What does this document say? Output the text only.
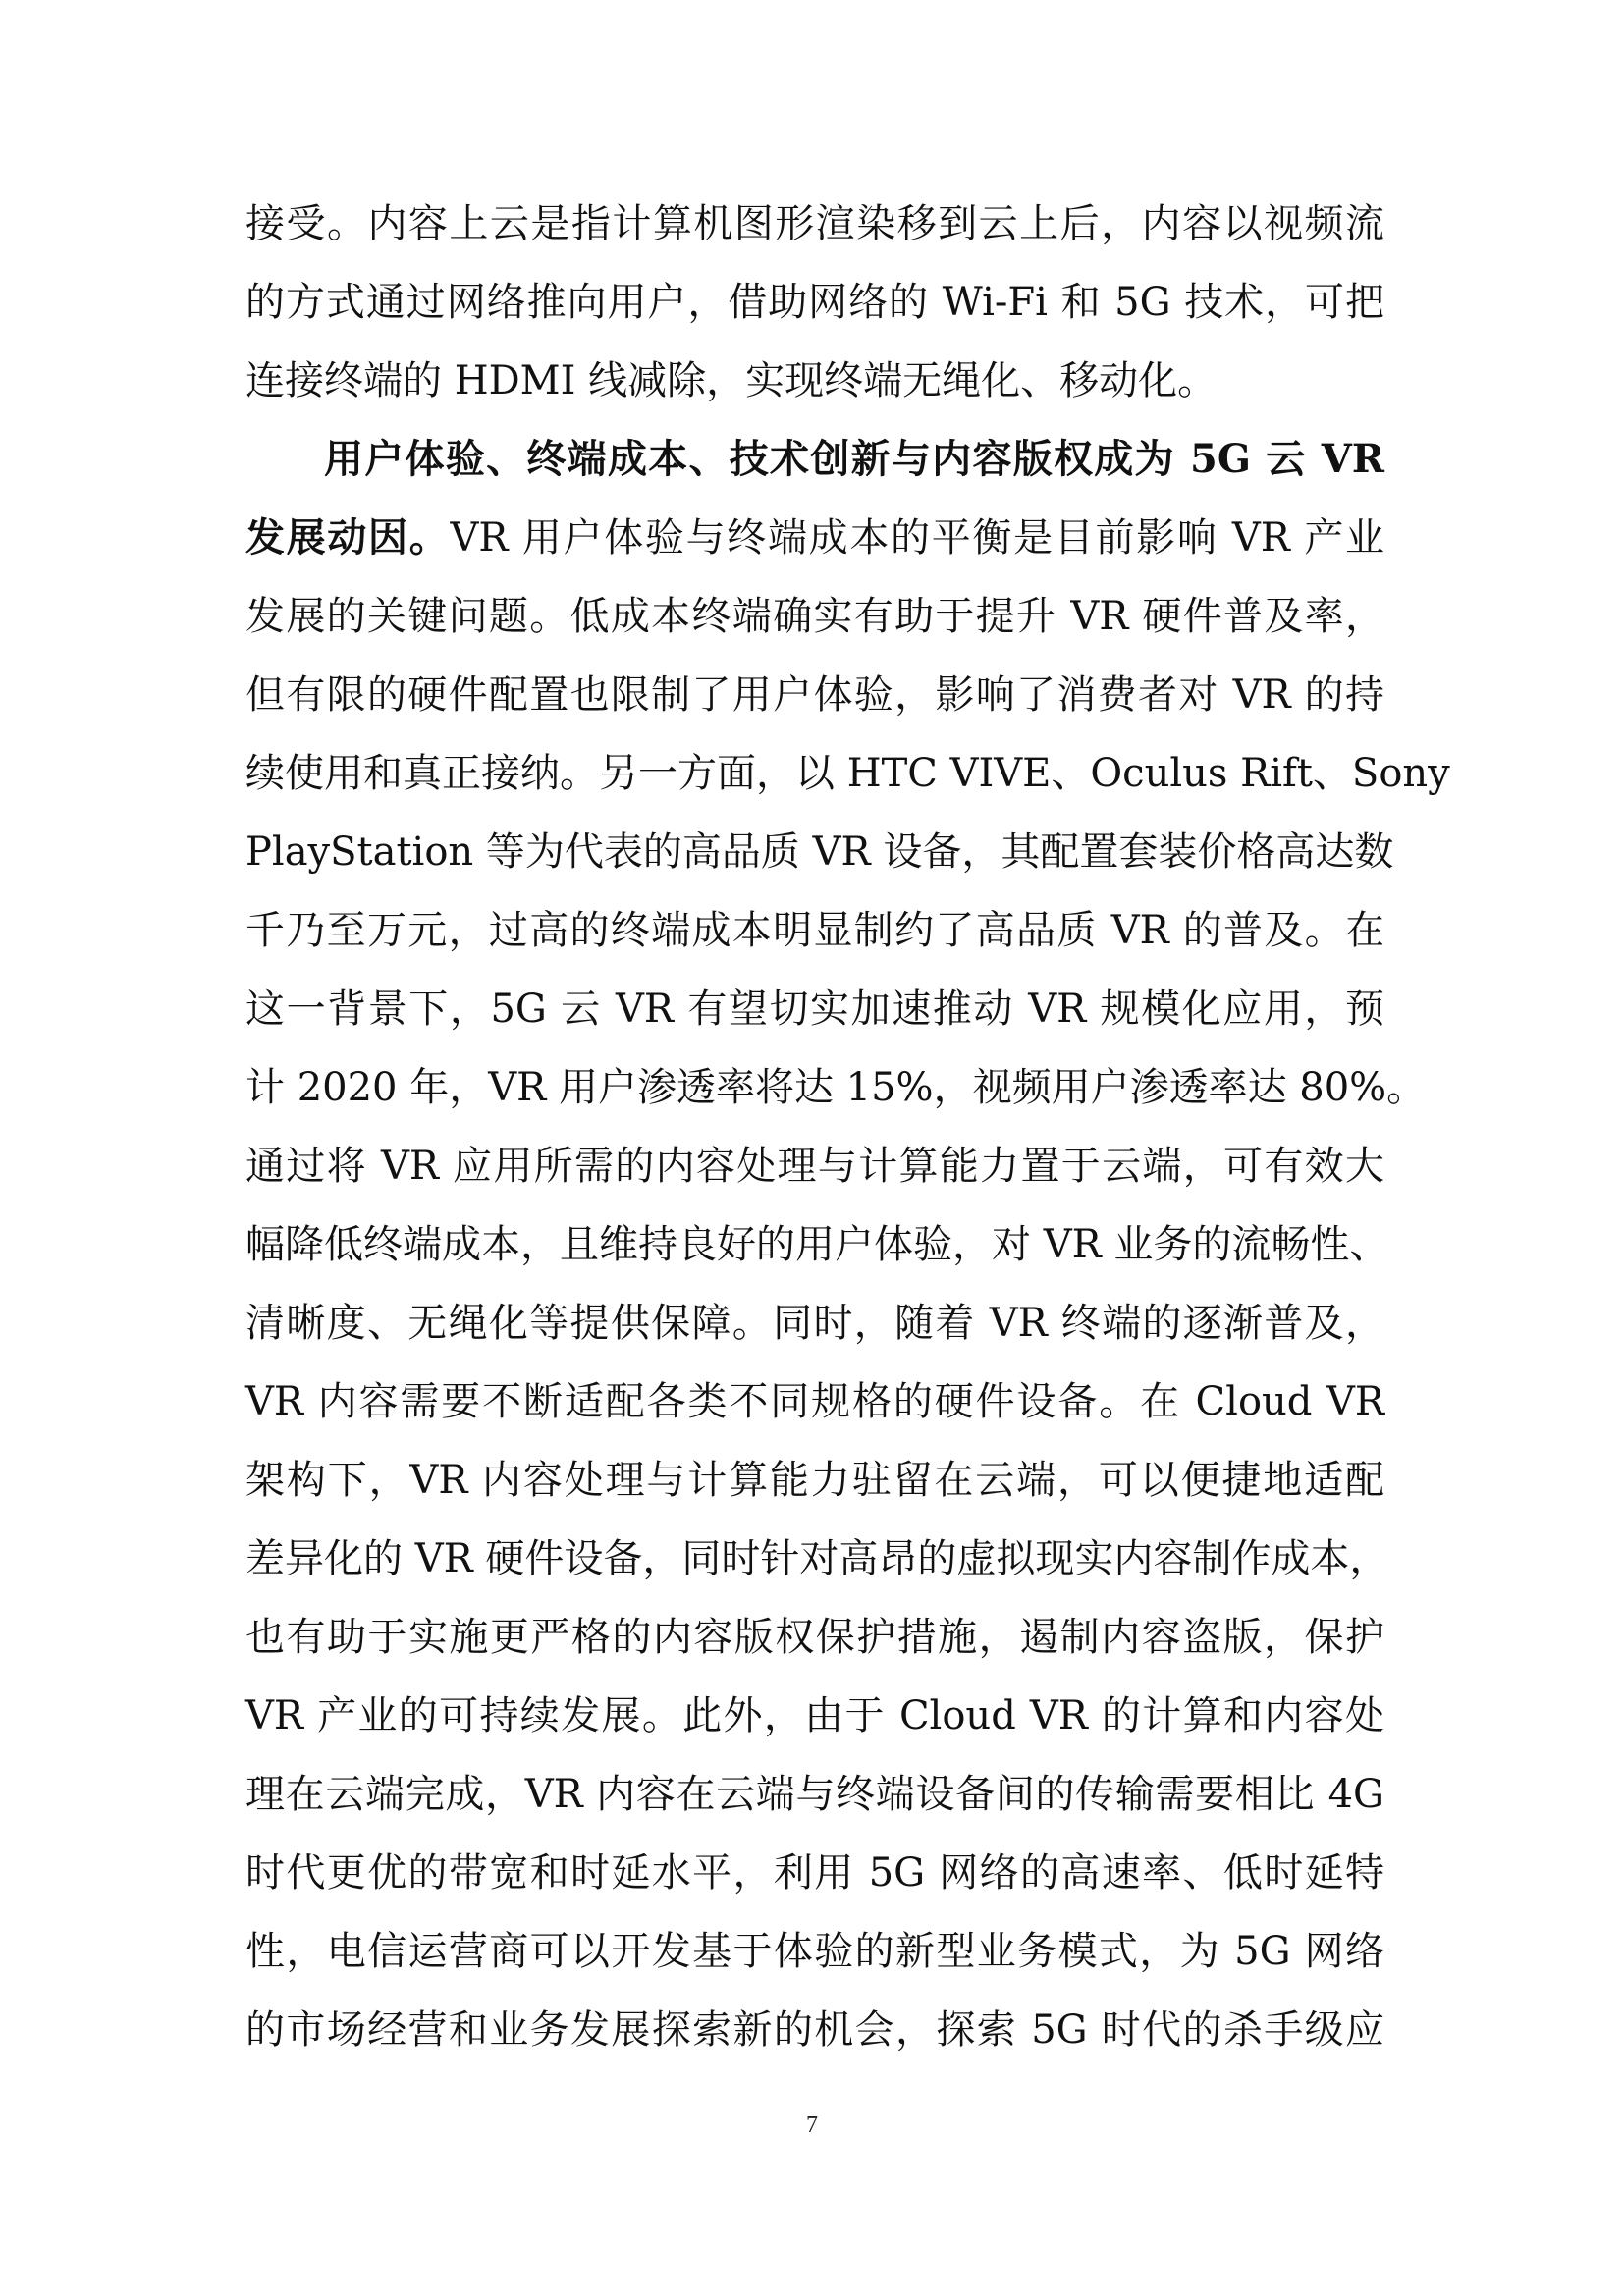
接受。内容上云是指计算机图形渲染移到云上后，内容以视频流
的方式通过网络推向用户，借助网络的 Wi-Fi 和 5G 技术，可把
连接终端的 HDMI 线减除，实现终端无绳化、移动化。
用户体验、终端成本、技术创新与内容版权成为 5G 云 VR
发展动因。VR 用户体验与终端成本的平衡是目前影响 VR 产业
发展的关键问题。低成本终端确实有助于提升 VR 硬件普及率，
但有限的硬件配置也限制了用户体验，影响了消费者对 VR 的持
续使用和真正接纳。另一方面，以 HTC VIVE、Oculus Rift、Sony
PlayStation 等为代表的高品质 VR 设备，其配置套装价格高达数
千乃至万元，过高的终端成本明显制约了高品质 VR 的普及。在
这一背景下，5G 云 VR 有望切实加速推动 VR 规模化应用，预
计 2020 年，VR 用户渗透率将达 15%，视频用户渗透率达 80%。
通过将 VR 应用所需的内容处理与计算能力置于云端，可有效大
幅降低终端成本，且维持良好的用户体验，对 VR 业务的流畅性、
清晰度、无绳化等提供保障。同时，随着 VR 终端的逐渐普及，
VR 内容需要不断适配各类不同规格的硬件设备。在 Cloud VR
架构下，VR 内容处理与计算能力驻留在云端，可以便捷地适配
差异化的 VR 硬件设备，同时针对高昂的虚拟现实内容制作成本，
也有助于实施更严格的内容版权保护措施，遏制内容盗版，保护
VR 产业的可持续发展。此外，由于 Cloud VR 的计算和内容处
理在云端完成，VR 内容在云端与终端设备间的传输需要相比 4G
时代更优的带宽和时延水平，利用 5G 网络的高速率、低时延特
性，电信运营商可以开发基于体验的新型业务模式，为 5G 网络
的市场经营和业务发展探索新的机会，探索 5G 时代的杀手级应
7
